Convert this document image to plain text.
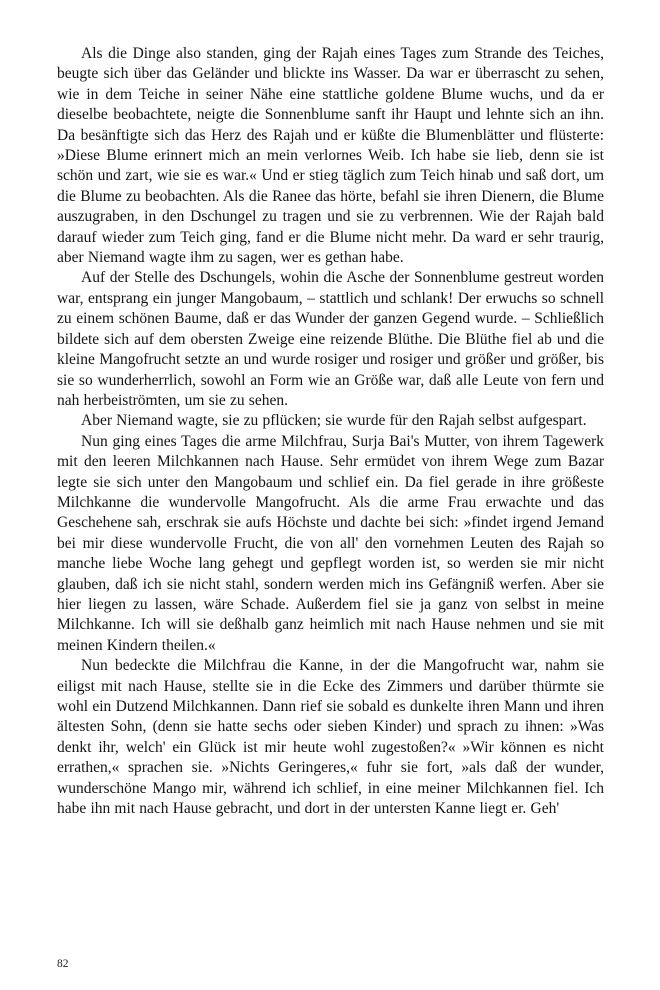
Als die Dinge also standen, ging der Rajah eines Tages zum Strande des Teiches, beugte sich über das Geländer und blickte ins Wasser. Da war er überrascht zu sehen, wie in dem Teiche in seiner Nähe eine stattliche goldene Blume wuchs, und da er dieselbe beobachtete, neigte die Sonnenblume sanft ihr Haupt und lehnte sich an ihn. Da besänftigte sich das Herz des Rajah und er küßte die Blumenblätter und flüsterte: »Diese Blume erinnert mich an mein verlornes Weib. Ich habe sie lieb, denn sie ist schön und zart, wie sie es war.« Und er stieg täglich zum Teich hinab und saß dort, um die Blume zu beobachten. Als die Ranee das hörte, befahl sie ihren Dienern, die Blume auszugraben, in den Dschungel zu tragen und sie zu verbrennen. Wie der Rajah bald darauf wieder zum Teich ging, fand er die Blume nicht mehr. Da ward er sehr traurig, aber Niemand wagte ihm zu sagen, wer es gethan habe.

Auf der Stelle des Dschungels, wohin die Asche der Sonnenblume gestreut worden war, entsprang ein junger Mangobaum, – stattlich und schlank! Der erwuchs so schnell zu einem schönen Baume, daß er das Wunder der ganzen Gegend wurde. – Schließlich bildete sich auf dem obersten Zweige eine reizende Blüthe. Die Blüthe fiel ab und die kleine Mangofrucht setzte an und wurde rosiger und rosiger und größer und größer, bis sie so wunderherrlich, sowohl an Form wie an Größe war, daß alle Leute von fern und nah herbeiströmten, um sie zu sehen.

Aber Niemand wagte, sie zu pflücken; sie wurde für den Rajah selbst aufgespart.

Nun ging eines Tages die arme Milchfrau, Surja Bai's Mutter, von ihrem Tagewerk mit den leeren Milchkannen nach Hause. Sehr ermüdet von ihrem Wege zum Bazar legte sie sich unter den Mangobaum und schlief ein. Da fiel gerade in ihre größeste Milchkanne die wundervolle Mangofrucht. Als die arme Frau erwachte und das Geschehene sah, erschrak sie aufs Höchste und dachte bei sich: »findet irgend Jemand bei mir diese wundervolle Frucht, die von all' den vornehmen Leuten des Rajah so manche liebe Woche lang gehegt und gepflegt worden ist, so werden sie mir nicht glauben, daß ich sie nicht stahl, sondern werden mich ins Gefängniß werfen. Aber sie hier liegen zu lassen, wäre Schade. Außerdem fiel sie ja ganz von selbst in meine Milchkanne. Ich will sie deßhalb ganz heimlich mit nach Hause nehmen und sie mit meinen Kindern theilen.«

Nun bedeckte die Milchfrau die Kanne, in der die Mangofrucht war, nahm sie eiligst mit nach Hause, stellte sie in die Ecke des Zimmers und darüber thürmte sie wohl ein Dutzend Milchkannen. Dann rief sie sobald es dunkelte ihren Mann und ihren ältesten Sohn, (denn sie hatte sechs oder sieben Kinder) und sprach zu ihnen: »Was denkt ihr, welch' ein Glück ist mir heute wohl zugestoßen?« »Wir können es nicht errathen,« sprachen sie. »Nichts Geringeres,« fuhr sie fort, »als daß der wunder, wunderschöne Mango mir, während ich schlief, in eine meiner Milchkannen fiel. Ich habe ihn mit nach Hause gebracht, und dort in der untersten Kanne liegt er. Geh'

82
